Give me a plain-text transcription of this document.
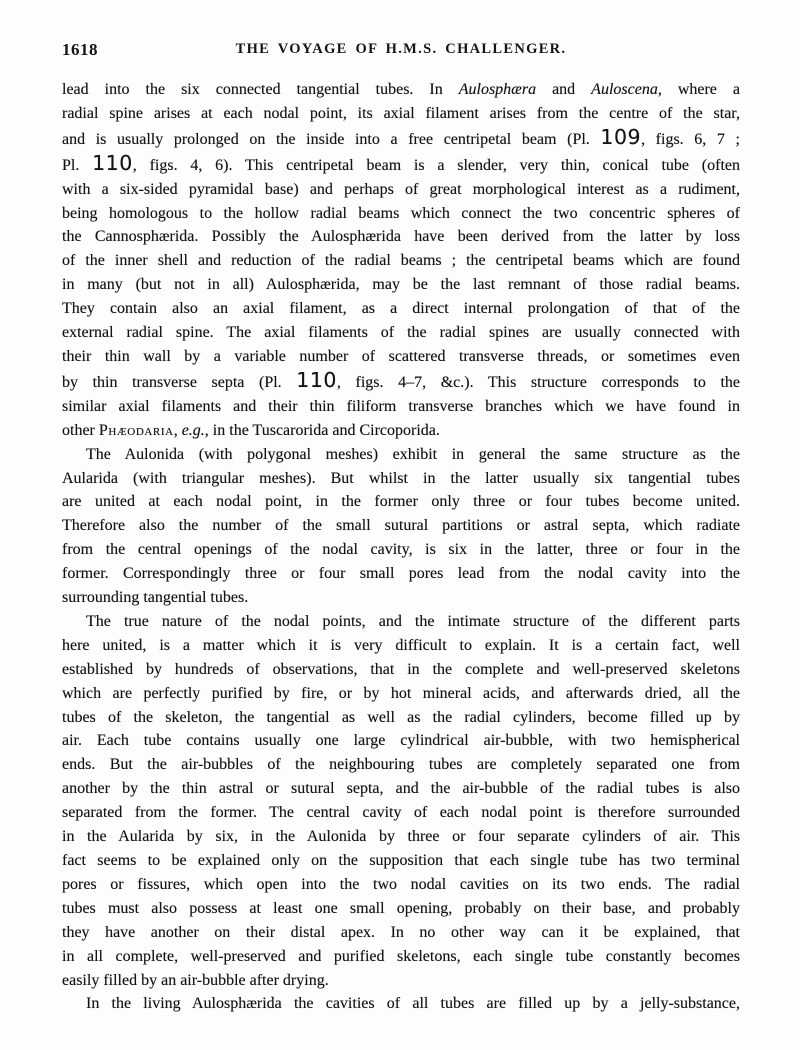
1618	THE VOYAGE OF H.M.S. CHALLENGER.
lead into the six connected tangential tubes. In Aulosphæra and Auloscena, where a
radial spine arises at each nodal point, its axial filament arises from the centre of the star,
and is usually prolonged on the inside into a free centripetal beam (Pl. 109, figs. 6, 7 ;
Pl. 110, figs. 4, 6). This centripetal beam is a slender, very thin, conical tube (often
with a six-sided pyramidal base) and perhaps of great morphological interest as a rudiment,
being homologous to the hollow radial beams which connect the two concentric spheres of
the Cannosphærida. Possibly the Aulosphærida have been derived from the latter by loss
of the inner shell and reduction of the radial beams ; the centripetal beams which are found
in many (but not in all) Aulosphærida, may be the last remnant of those radial beams.
They contain also an axial filament, as a direct internal prolongation of that of the
external radial spine. The axial filaments of the radial spines are usually connected with
their thin wall by a variable number of scattered transverse threads, or sometimes even
by thin transverse septa (Pl. 110, figs. 4–7, &c.). This structure corresponds to the
similar axial filaments and their thin filiform transverse branches which we have found in
other Phæodaria, e.g., in the Tuscarorida and Circoporida.
The Aulonida (with polygonal meshes) exhibit in general the same structure as the
Aularida (with triangular meshes). But whilst in the latter usually six tangential tubes
are united at each nodal point, in the former only three or four tubes become united.
Therefore also the number of the small sutural partitions or astral septa, which radiate
from the central openings of the nodal cavity, is six in the latter, three or four in the
former. Correspondingly three or four small pores lead from the nodal cavity into the
surrounding tangential tubes.
The true nature of the nodal points, and the intimate structure of the different parts
here united, is a matter which it is very difficult to explain. It is a certain fact, well
established by hundreds of observations, that in the complete and well-preserved skeletons
which are perfectly purified by fire, or by hot mineral acids, and afterwards dried, all the
tubes of the skeleton, the tangential as well as the radial cylinders, become filled up by
air. Each tube contains usually one large cylindrical air-bubble, with two hemispherical
ends. But the air-bubbles of the neighbouring tubes are completely separated one from
another by the thin astral or sutural septa, and the air-bubble of the radial tubes is also
separated from the former. The central cavity of each nodal point is therefore surrounded
in the Aularida by six, in the Aulonida by three or four separate cylinders of air. This
fact seems to be explained only on the supposition that each single tube has two terminal
pores or fissures, which open into the two nodal cavities on its two ends. The radial
tubes must also possess at least one small opening, probably on their base, and probably
they have another on their distal apex. In no other way can it be explained, that
in all complete, well-preserved and purified skeletons, each single tube constantly becomes
easily filled by an air-bubble after drying.
In the living Aulosphærida the cavities of all tubes are filled up by a jelly-substance,
